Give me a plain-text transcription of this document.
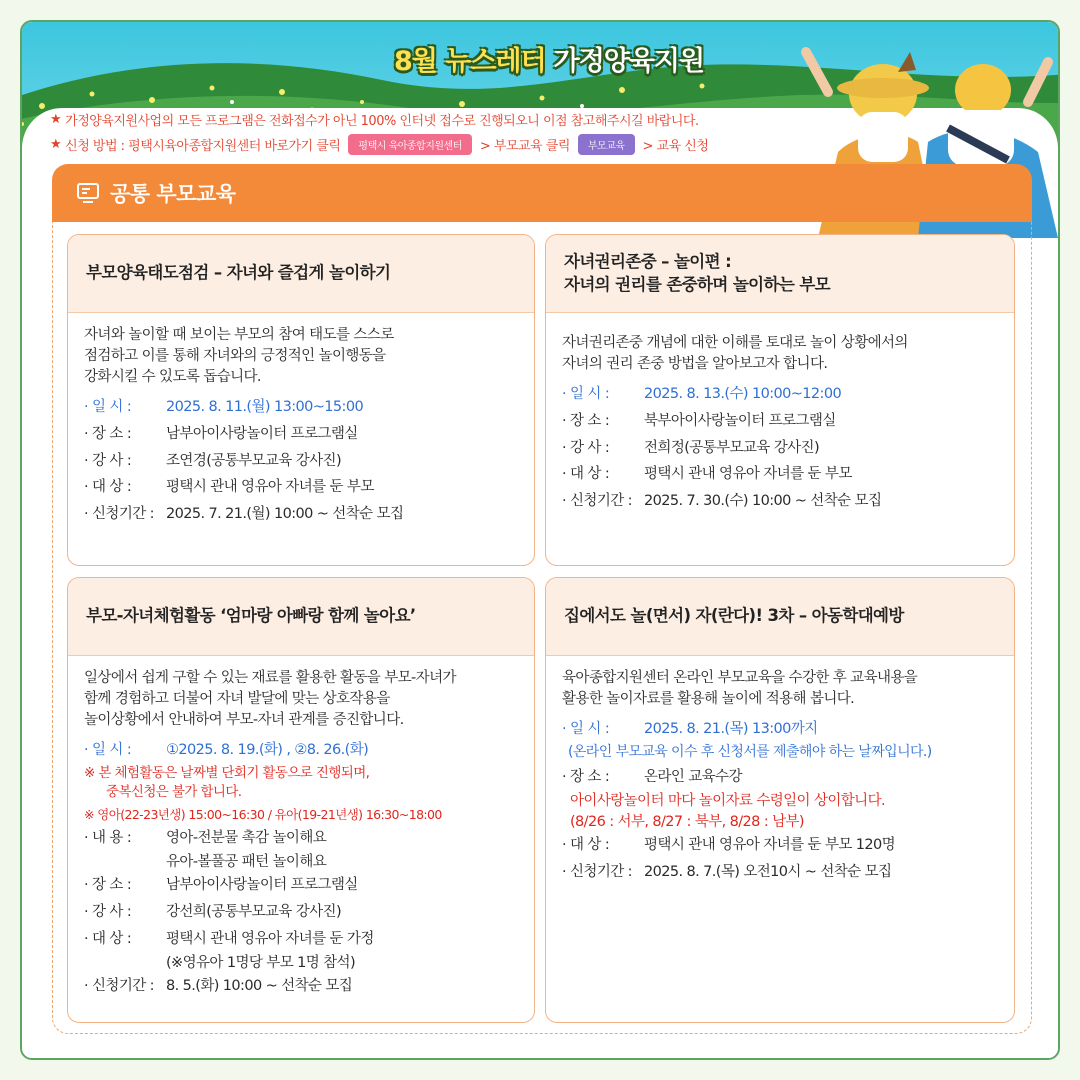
8월 뉴스레터 가정양육지원
★ 가정양육지원사업의 모든 프로그램은 전화접수가 아닌 100% 인터넷 접수로 진행되오니 이점 참고해주시길 바랍니다.
★ 신청 방법 : 평택시육아종합지원센터 바로가기 클릭	평택시 육아종합지원센터	> 부모교육 클릭	부모교육	> 교육 신청
공통 부모교육
부모양육태도점검 – 자녀와 즐겁게 놀이하기
자녀와 놀이할 때 보이는 부모의 참여 태도를 스스로
점검하고 이를 통해 자녀와의 긍정적인 놀이행동을
강화시킬 수 있도록 돕습니다.
· 일 시 :	2025. 8. 11.(월) 13:00~15:00
· 장 소 :	남부아이사랑놀이터 프로그램실
· 강 사 :	조연경(공통부모교육 강사진)
· 대 상 :	평택시 관내 영유아 자녀를 둔 부모
· 신청기간 : 2025. 7. 21.(월) 10:00 ~ 선착순 모집
자녀권리존중 – 놀이편 :
자녀의 권리를 존중하며 놀이하는 부모
자녀권리존중 개념에 대한 이해를 토대로 놀이 상황에서의
자녀의 권리 존중 방법을 알아보고자 합니다.
· 일 시 :	2025. 8. 13.(수) 10:00~12:00
· 장 소 :	북부아이사랑놀이터 프로그램실
· 강 사 :	전희정(공통부모교육 강사진)
· 대 상 :	평택시 관내 영유아 자녀를 둔 부모
· 신청기간 : 2025. 7. 30.(수) 10:00 ~ 선착순 모집
부모-자녀체험활동 ‘엄마랑 아빠랑 함께 놀아요’
일상에서 쉽게 구할 수 있는 재료를 활용한 활동을 부모-자녀가
함께 경험하고 더불어 자녀 발달에 맞는 상호작용을
놀이상황에서 안내하여 부모-자녀 관계를 증진합니다.
· 일 시 :	①2025. 8. 19.(화) , ②8. 26.(화)
※ 본 체험활동은 날짜별 단회기 활동으로 진행되며,
중복신청은 불가 합니다.
※ 영아(22-23년생) 15:00~16:30 / 유아(19-21년생) 16:30~18:00
· 내 용 :	영아-전분물 촉감 놀이해요
유아-볼풀공 패턴 놀이해요
· 장 소 :	남부아이사랑놀이터 프로그램실
· 강 사 :	강선희(공통부모교육 강사진)
· 대 상 :	평택시 관내 영유아 자녀를 둔 가정
(※영유아 1명당 부모 1명 참석)
· 신청기간 : 8. 5.(화) 10:00 ~ 선착순 모집
집에서도 놀(면서) 자(란다)! 3차 – 아동학대예방
육아종합지원센터 온라인 부모교육을 수강한 후 교육내용을
활용한 놀이자료를 활용해 놀이에 적용해 봅니다.
· 일 시 :	2025. 8. 21.(목) 13:00까지
(온라인 부모교육 이수 후 신청서를 제출해야 하는 날짜입니다.)
· 장 소 :	온라인 교육수강
아이사랑놀이터 마다 놀이자료 수령일이 상이합니다.
(8/26 : 서부, 8/27 : 북부, 8/28 : 남부)
· 대 상 :	평택시 관내 영유아 자녀를 둔 부모 120명
· 신청기간 : 2025. 8. 7.(목) 오전10시 ~ 선착순 모집
